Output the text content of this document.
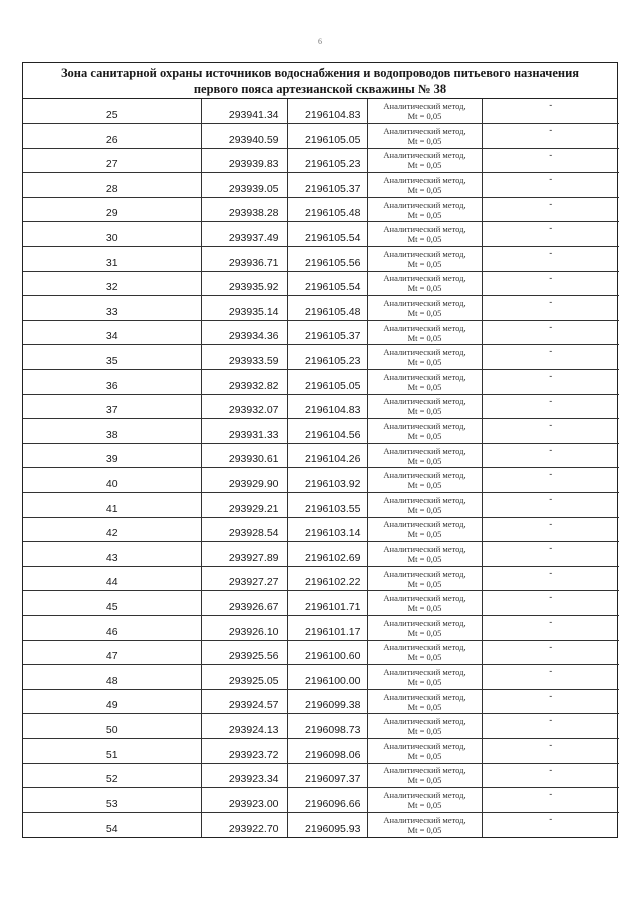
6
Зона санитарной охраны источников водоснабжения и водопроводов питьевого назначения
первого пояса артезианской скважины № 38
25	293941.34	2196104.83	Аналитический метод,
Mt = 0,05	-
26	293940.59	2196105.05	Аналитический метод,
Mt = 0,05	-
27	293939.83	2196105.23	Аналитический метод,
Mt = 0,05	-
28	293939.05	2196105.37	Аналитический метод,
Mt = 0,05	-
29	293938.28	2196105.48	Аналитический метод,
Mt = 0,05	-
30	293937.49	2196105.54	Аналитический метод,
Mt = 0,05	-
31	293936.71	2196105.56	Аналитический метод,
Mt = 0,05	-
32	293935.92	2196105.54	Аналитический метод,
Mt = 0,05	-
33	293935.14	2196105.48	Аналитический метод,
Mt = 0,05	-
34	293934.36	2196105.37	Аналитический метод,
Mt = 0,05	-
35	293933.59	2196105.23	Аналитический метод,
Mt = 0,05	-
36	293932.82	2196105.05	Аналитический метод,
Mt = 0,05	-
37	293932.07	2196104.83	Аналитический метод,
Mt = 0,05	-
38	293931.33	2196104.56	Аналитический метод,
Mt = 0,05	-
39	293930.61	2196104.26	Аналитический метод,
Mt = 0,05	-
40	293929.90	2196103.92	Аналитический метод,
Mt = 0,05	-
41	293929.21	2196103.55	Аналитический метод,
Mt = 0,05	-
42	293928.54	2196103.14	Аналитический метод,
Mt = 0,05	-
43	293927.89	2196102.69	Аналитический метод,
Mt = 0,05	-
44	293927.27	2196102.22	Аналитический метод,
Mt = 0,05	-
45	293926.67	2196101.71	Аналитический метод,
Mt = 0,05	-
46	293926.10	2196101.17	Аналитический метод,
Mt = 0,05	-
47	293925.56	2196100.60	Аналитический метод,
Mt = 0,05	-
48	293925.05	2196100.00	Аналитический метод,
Mt = 0,05	-
49	293924.57	2196099.38	Аналитический метод,
Mt = 0,05	-
50	293924.13	2196098.73	Аналитический метод,
Mt = 0,05	-
51	293923.72	2196098.06	Аналитический метод,
Mt = 0,05	-
52	293923.34	2196097.37	Аналитический метод,
Mt = 0,05	-
53	293923.00	2196096.66	Аналитический метод,
Mt = 0,05	-
54	293922.70	2196095.93	Аналитический метод,
Mt = 0,05	-
